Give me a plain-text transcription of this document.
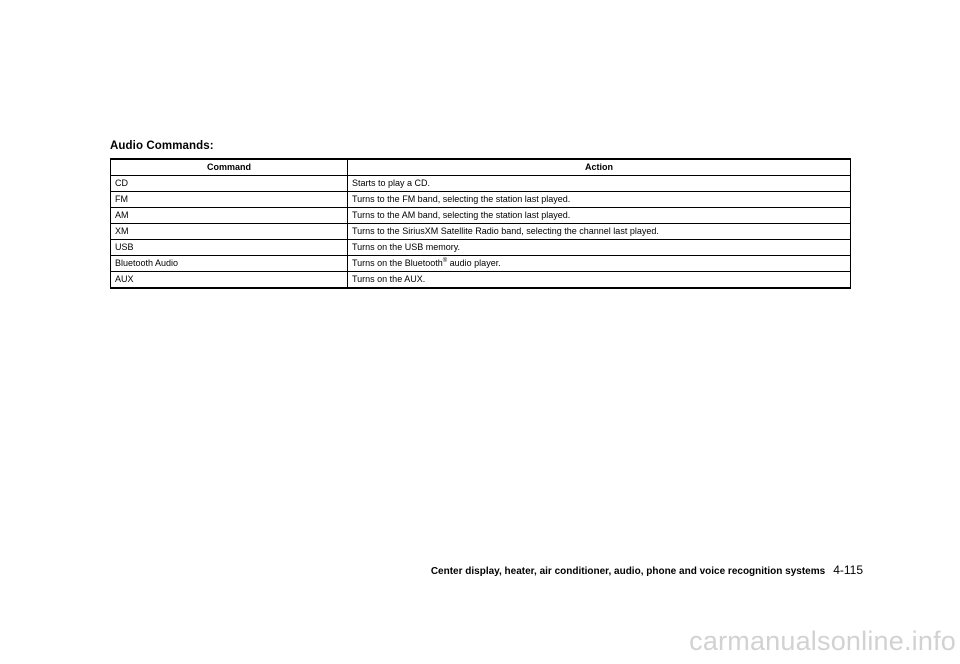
Audio Commands:
Command	Action
CD	Starts to play a CD.
FM	Turns to the FM band, selecting the station last played.
AM	Turns to the AM band, selecting the station last played.
XM	Turns to the SiriusXM Satellite Radio band, selecting the channel last played.
USB	Turns on the USB memory.
Bluetooth Audio	Turns on the Bluetooth® audio player.
AUX	Turns on the AUX.
Center display, heater, air conditioner, audio, phone and voice recognition systems 4-115
carmanualsonline.info
